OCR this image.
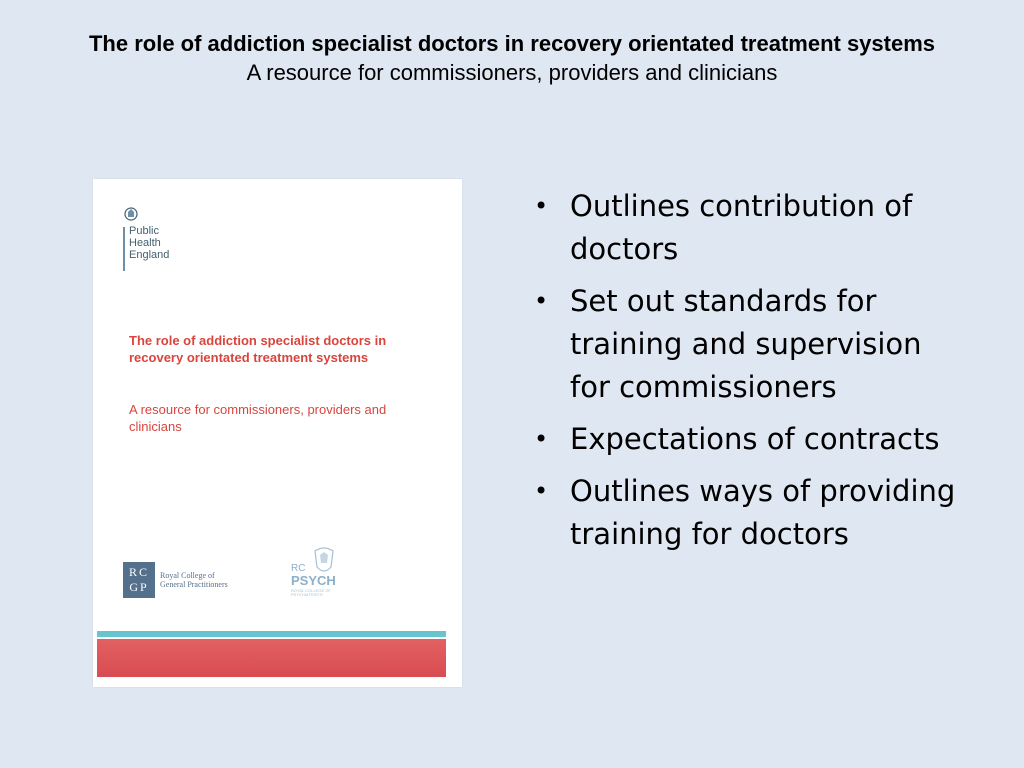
The role of addiction specialist doctors in recovery orientated treatment systems

A resource for commissioners, providers and clinicians

Public Health England

The role of addiction specialist doctors in recovery orientated treatment systems

A resource for commissioners, providers and clinicians

RC GP
Royal College of General Practitioners
RC
PSYCH
ROYAL COLLEGE OF PSYCHIATRISTS
• Outlines contribution of doctors
• Set out standards for training and supervision for commissioners
• Expectations of contracts
• Outlines ways of providing training for doctors
